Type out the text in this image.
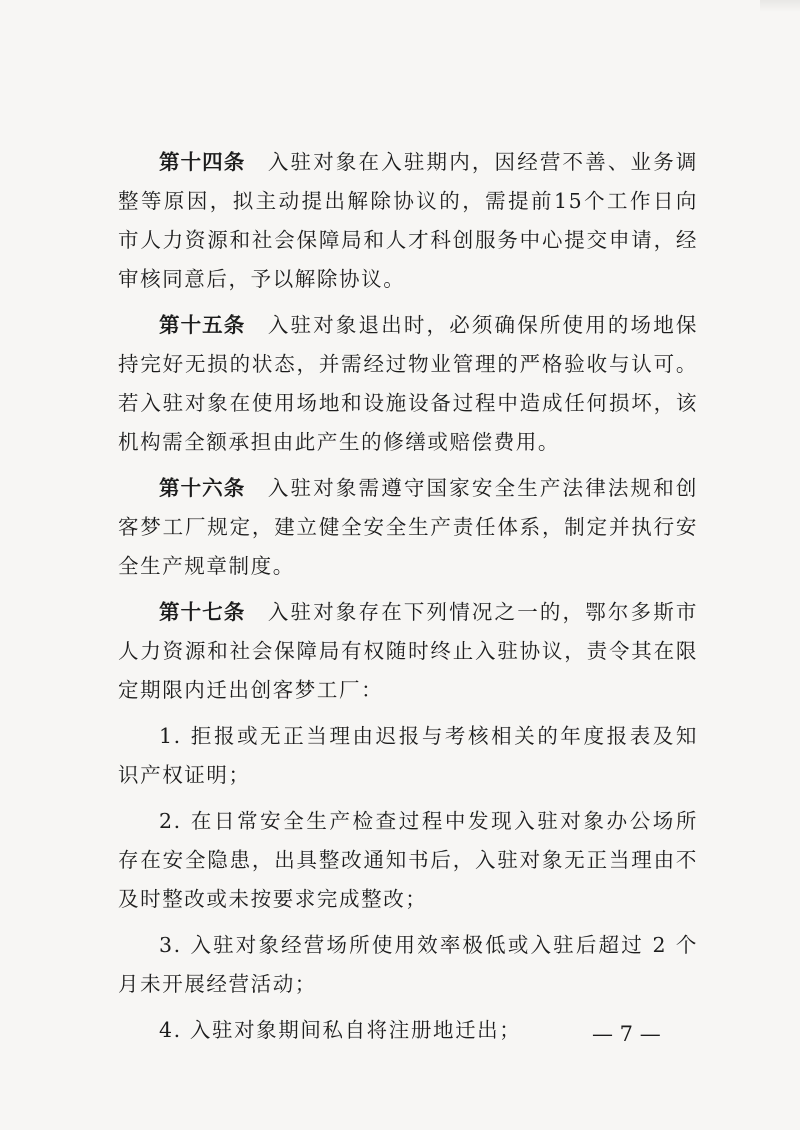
第十四条 入驻对象在入驻期内，因经营不善、业务调整等原因，拟主动提出解除协议的，需提前15个工作日向市人力资源和社会保障局和人才科创服务中心提交申请，经审核同意后，予以解除协议。

第十五条 入驻对象退出时，必须确保所使用的场地保持完好无损的状态，并需经过物业管理的严格验收与认可。若入驻对象在使用场地和设施设备过程中造成任何损坏，该机构需全额承担由此产生的修缮或赔偿费用。

第十六条 入驻对象需遵守国家安全生产法律法规和创客梦工厂规定，建立健全安全生产责任体系，制定并执行安全生产规章制度。

第十七条 入驻对象存在下列情况之一的，鄂尔多斯市人力资源和社会保障局有权随时终止入驻协议，责令其在限定期限内迁出创客梦工厂：

1. 拒报或无正当理由迟报与考核相关的年度报表及知识产权证明；

2. 在日常安全生产检查过程中发现入驻对象办公场所存在安全隐患，出具整改通知书后，入驻对象无正当理由不及时整改或未按要求完成整改；

3. 入驻对象经营场所使用效率极低或入驻后超过 2 个月未开展经营活动；

4. 入驻对象期间私自将注册地迁出；	— 7 —
